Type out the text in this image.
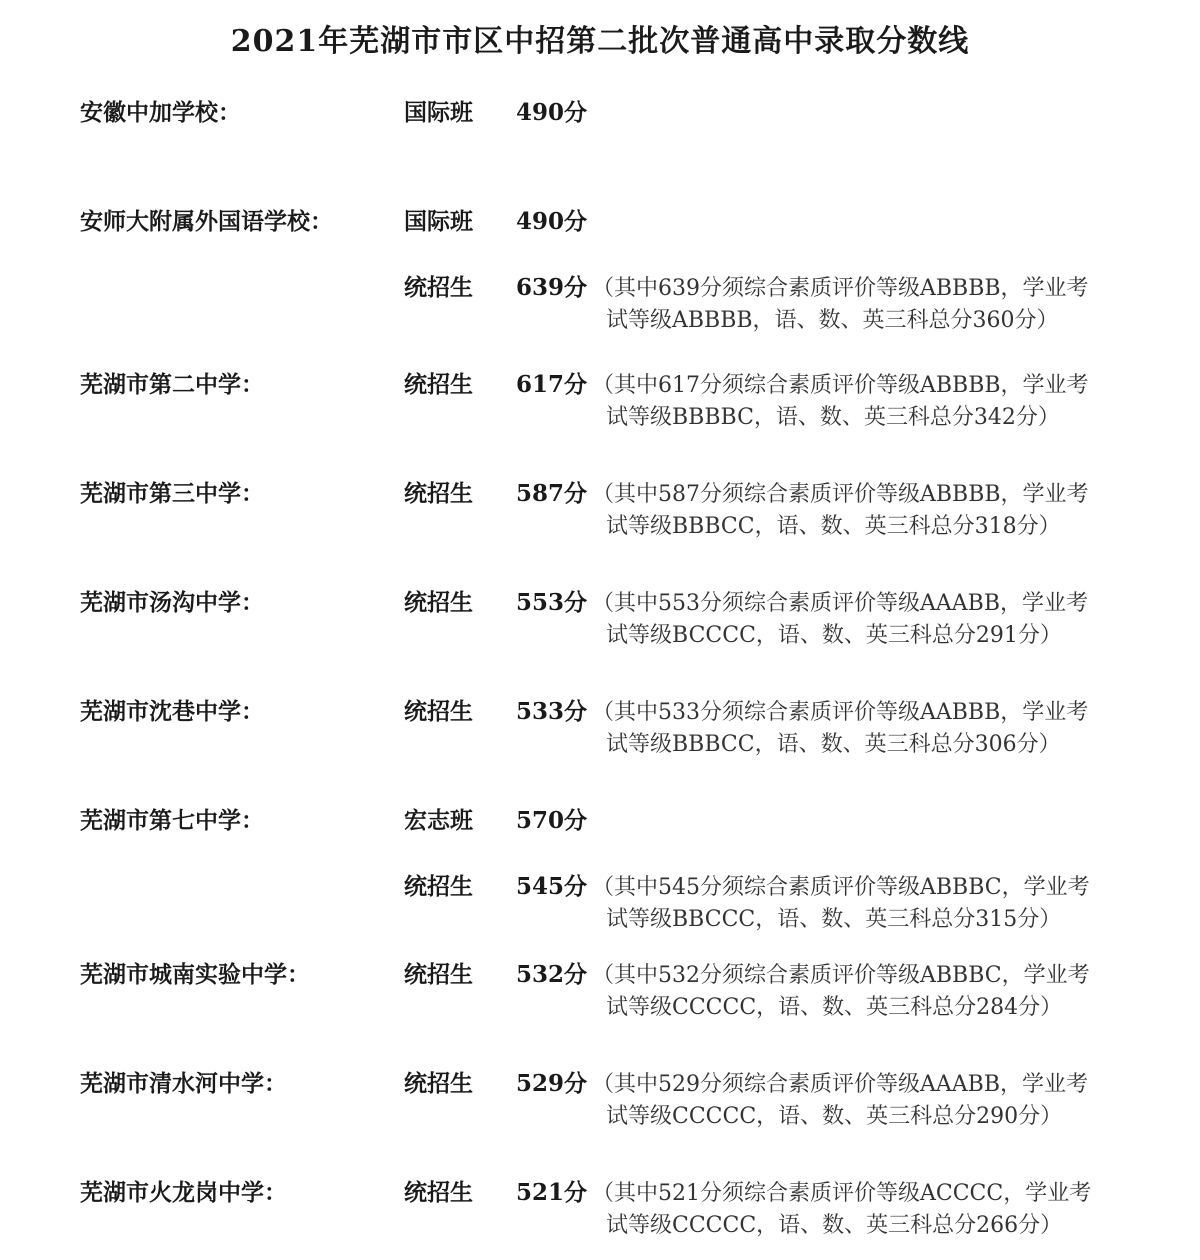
2021年芜湖市市区中招第二批次普通高中录取分数线
安徽中加学校：	国际班 490分
安师大附属外国语学校：	国际班 490分
统招生 639分 （其中639分须综合素质评价等级ABBBB，学业考
试等级ABBBB，语、数、英三科总分360分）
芜湖市第二中学：	统招生 617分 （其中617分须综合素质评价等级ABBBB，学业考
试等级BBBBC，语、数、英三科总分342分）
芜湖市第三中学：	统招生 587分 （其中587分须综合素质评价等级ABBBB，学业考
试等级BBBCC，语、数、英三科总分318分）
芜湖市汤沟中学：	统招生 553分 （其中553分须综合素质评价等级AAABB，学业考
试等级BCCCC，语、数、英三科总分291分）
芜湖市沈巷中学：	统招生 533分 （其中533分须综合素质评价等级AABBB，学业考
试等级BBBCC，语、数、英三科总分306分）
芜湖市第七中学：	宏志班 570分
统招生 545分 （其中545分须综合素质评价等级ABBBC，学业考
试等级BBCCC，语、数、英三科总分315分）
芜湖市城南实验中学：	统招生 532分 （其中532分须综合素质评价等级ABBBC，学业考
试等级CCCCC，语、数、英三科总分284分）
芜湖市清水河中学：	统招生 529分 （其中529分须综合素质评价等级AAABB，学业考
试等级CCCCC，语、数、英三科总分290分）
芜湖市火龙岗中学：	统招生 521分 （其中521分须综合素质评价等级ACCCC，学业考
试等级CCCCC，语、数、英三科总分266分）
